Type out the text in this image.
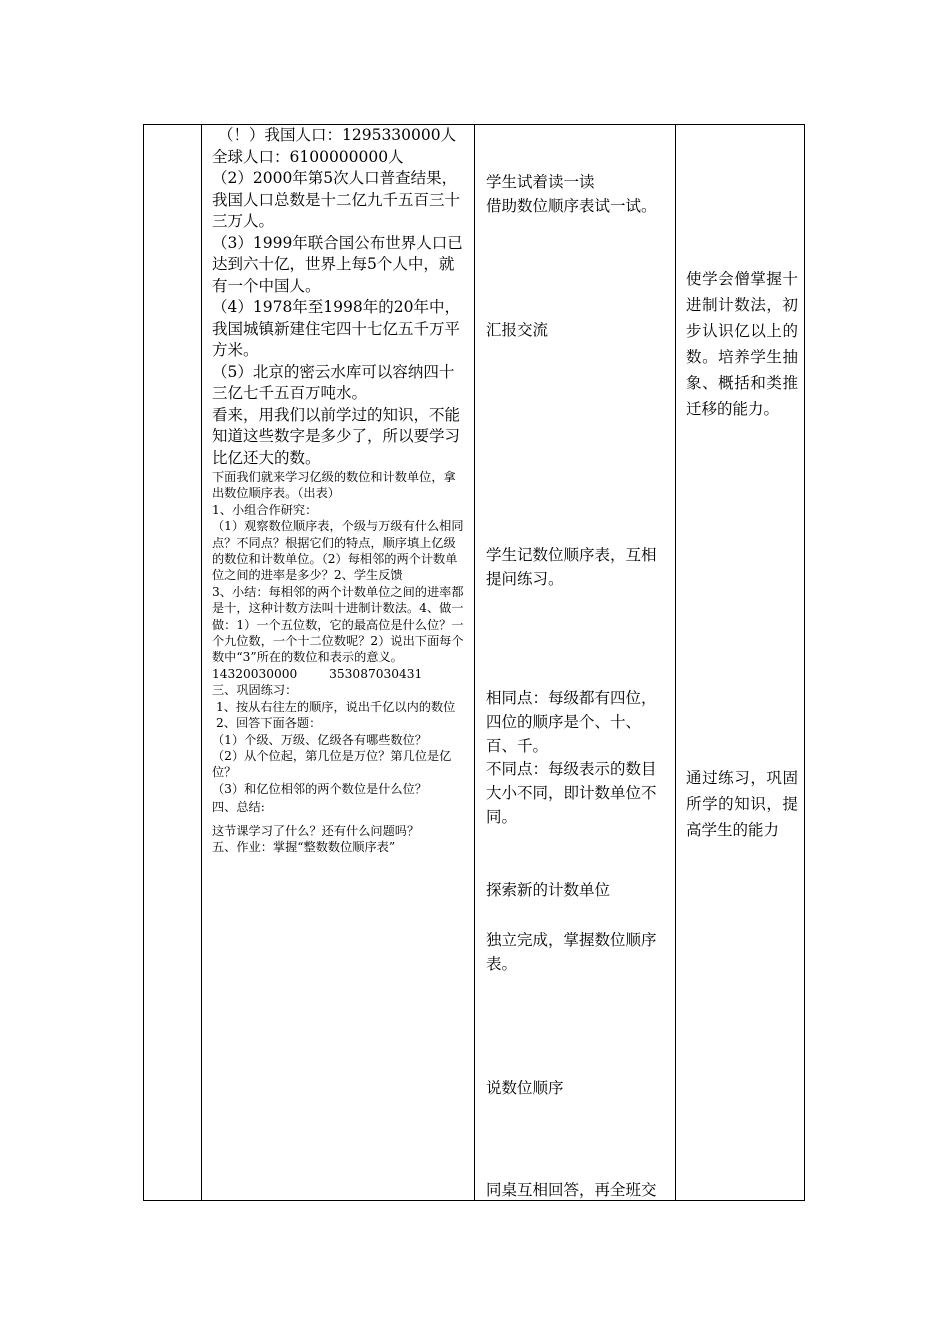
（！）我国人口：1295330000人

全球人口：6100000000人

（2）2000年第5次人口普查结果，我国人口总数是十二亿九千五百三十三万人。

（3）1999年联合国公布世界人口已达到六十亿，世界上每5个人中，就有一个中国人。

（4）1978年至1998年的20年中，我国城镇新建住宅四十七亿五千万平方米。

（5）北京的密云水库可以容纳四十三亿七千五百万吨水。

看来，用我们以前学过的知识，不能知道这些数字是多少了，所以要学习比亿还大的数。

下面我们就来学习亿级的数位和计数单位，拿出数位顺序表。（出表）

1、小组合作研究：

（1）观察数位顺序表，个级与万级有什么相同点？不同点？根据它们的特点，顺序填上亿级的数位和计数单位。（2）每相邻的两个计数单位之间的进率是多少？2、学生反馈

3、小结：每相邻的两个计数单位之间的进率都是十，这种计数方法叫十进制计数法。4、做一做：1）一个五位数，它的最高位是什么位？一个九位数，一个十二位数呢？2）说出下面每个数中“3”所在的数位和表示的意义。

14320030000	353087030431

三、巩固练习：

1、按从右往左的顺序，说出千亿以内的数位

2、回答下面各题：

（1）个级、万级、亿级各有哪些数位？

（2）从个位起，第几位是万位？第几位是亿位？

（3）和亿位相邻的两个数位是什么位？

四、总结:

这节课学习了什么？还有什么问题吗？

五、作业：掌握“整数数位顺序表”

学生试着读一读

借助数位顺序表试一试。

汇报交流

学生记数位顺序表，互相提问练习。

相同点：每级都有四位，四位的顺序是个、十、百、千。

不同点：每级表示的数目大小不同，即计数单位不同。

探索新的计数单位

独立完成，掌握数位顺序表。

说数位顺序

同桌互相回答，再全班交

使学会僧掌握十进制计数法，初步认识亿以上的数。培养学生抽象、概括和类推迁移的能力。

通过练习，巩固所学的知识，提高学生的能力
